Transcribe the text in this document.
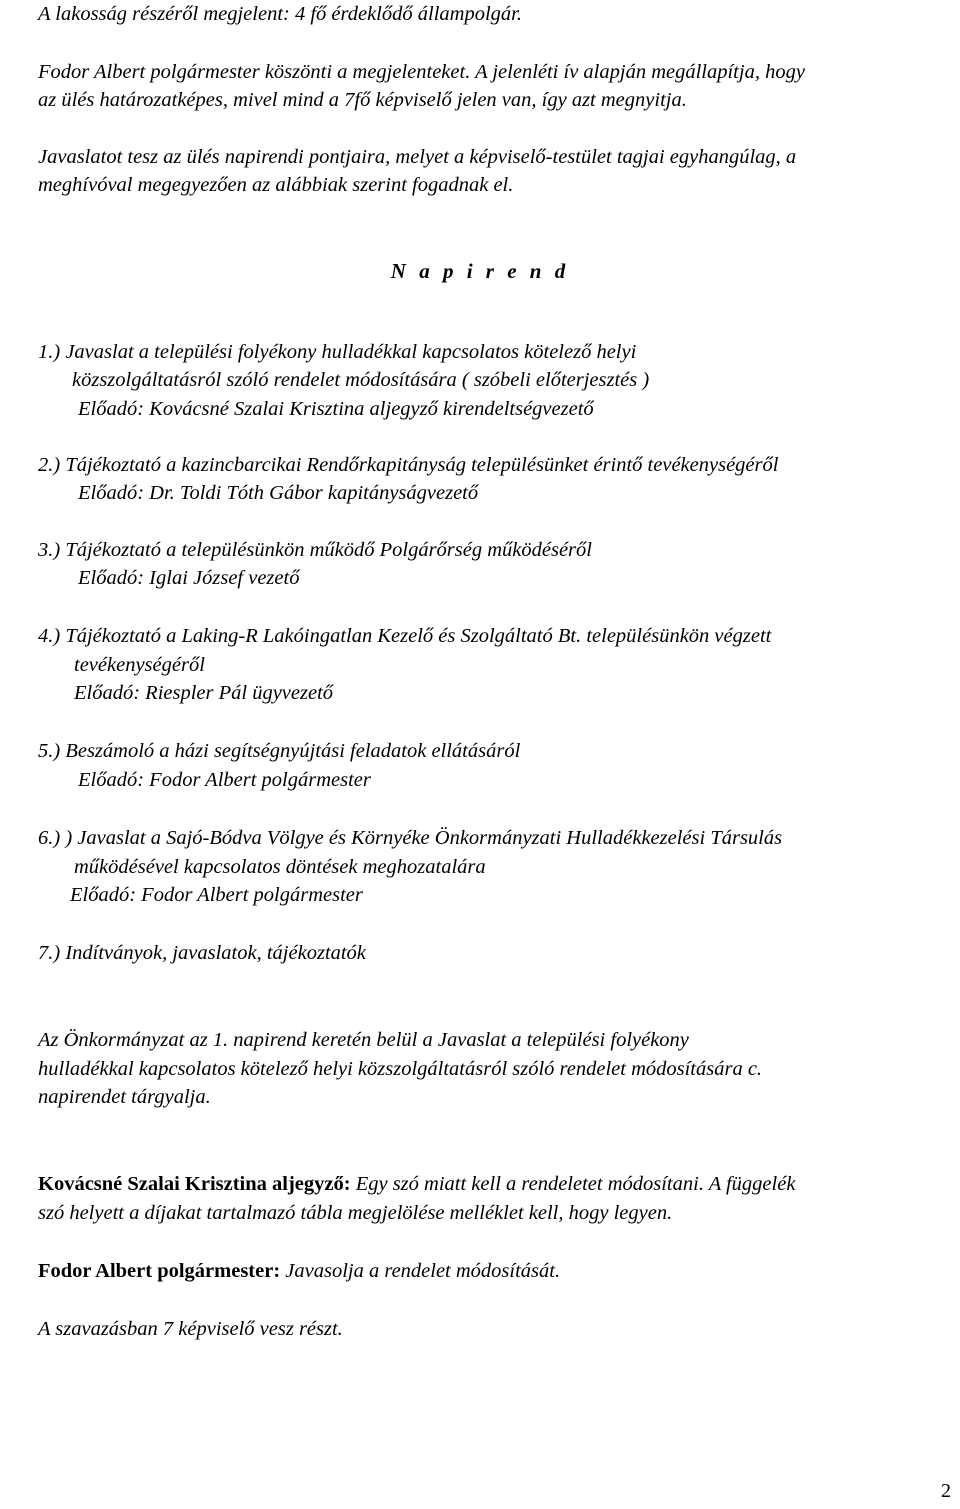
A lakosság részéről megjelent: 4 fő érdeklődő állampolgár.
Fodor Albert polgármester köszönti a megjelenteket. A jelenléti ív alapján megállapítja, hogy
az ülés határozatképes, mivel mind a 7fő képviselő jelen van, így azt megnyitja.
Javaslatot tesz az ülés napirendi pontjaira, melyet a képviselő-testület tagjai egyhangúlag, a
meghívóval megegyezően az alábbiak szerint fogadnak el.
N a p i r e n d
1.) Javaslat a települési folyékony hulladékkal kapcsolatos kötelező helyi
közszolgáltatásról szóló rendelet módosítására ( szóbeli előterjesztés )
Előadó: Kovácsné Szalai Krisztina aljegyző kirendeltségvezető
2.) Tájékoztató a kazincbarcikai Rendőrkapitányság településünket érintő tevékenységéről
Előadó: Dr. Toldi Tóth Gábor kapitányságvezető
3.) Tájékoztató a településünkön működő Polgárőrség működéséről
Előadó: Iglai József vezető
4.) Tájékoztató a Laking-R Lakóingatlan Kezelő és Szolgáltató Bt. településünkön végzett
tevékenységéről
Előadó: Riespler Pál ügyvezető
5.) Beszámoló a házi segítségnyújtási feladatok ellátásáról
Előadó: Fodor Albert polgármester
6.) ) Javaslat a Sajó-Bódva Völgye és Környéke Önkormányzati Hulladékkezelési Társulás
működésével kapcsolatos döntések meghozatalára
Előadó: Fodor Albert polgármester
7.) Indítványok, javaslatok, tájékoztatók
Az Önkormányzat az 1. napirend keretén belül a Javaslat a települési folyékony
hulladékkal kapcsolatos kötelező helyi közszolgáltatásról szóló rendelet módosítására c.
napirendet tárgyalja.
Kovácsné Szalai Krisztina aljegyző: Egy szó miatt kell a rendeletet módosítani. A függelék
szó helyett a díjakat tartalmazó tábla megjelölése melléklet kell, hogy legyen.
Fodor Albert polgármester: Javasolja a rendelet módosítását.
A szavazásban 7 képviselő vesz részt.
2
